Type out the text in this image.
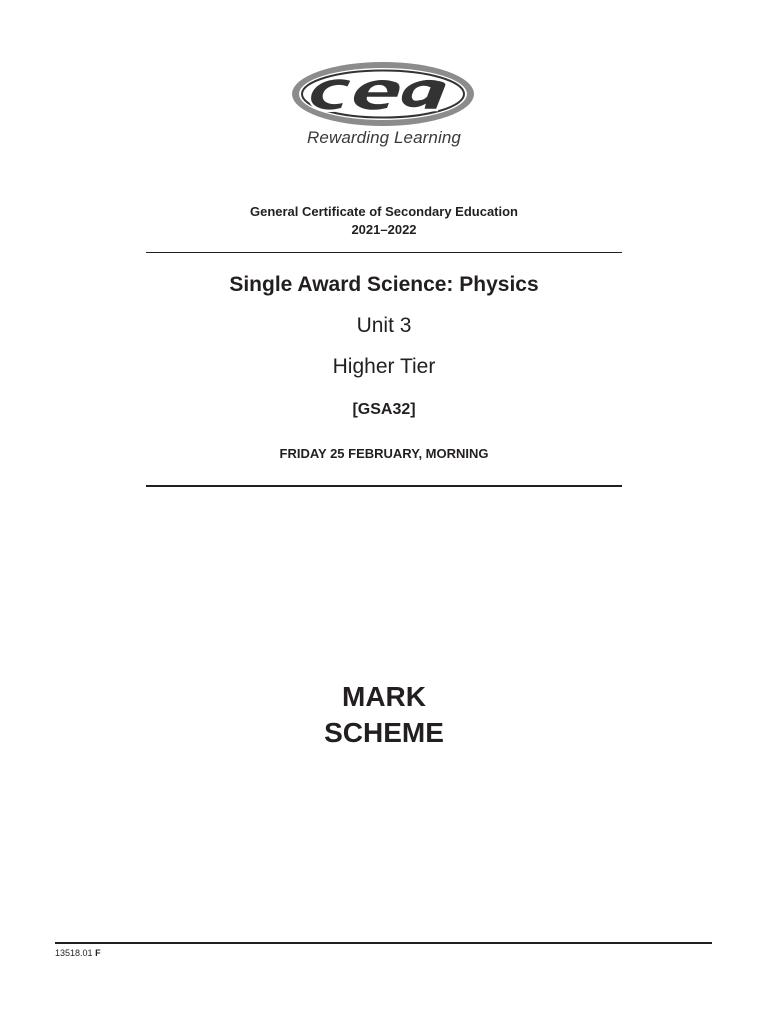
Rewarding Learning
General Certificate of Secondary Education
2021–2022
Single Award Science: Physics
Unit 3
Higher Tier
[GSA32]
FRIDAY 25 FEBRUARY, MORNING
MARK
SCHEME
13518.01 F
